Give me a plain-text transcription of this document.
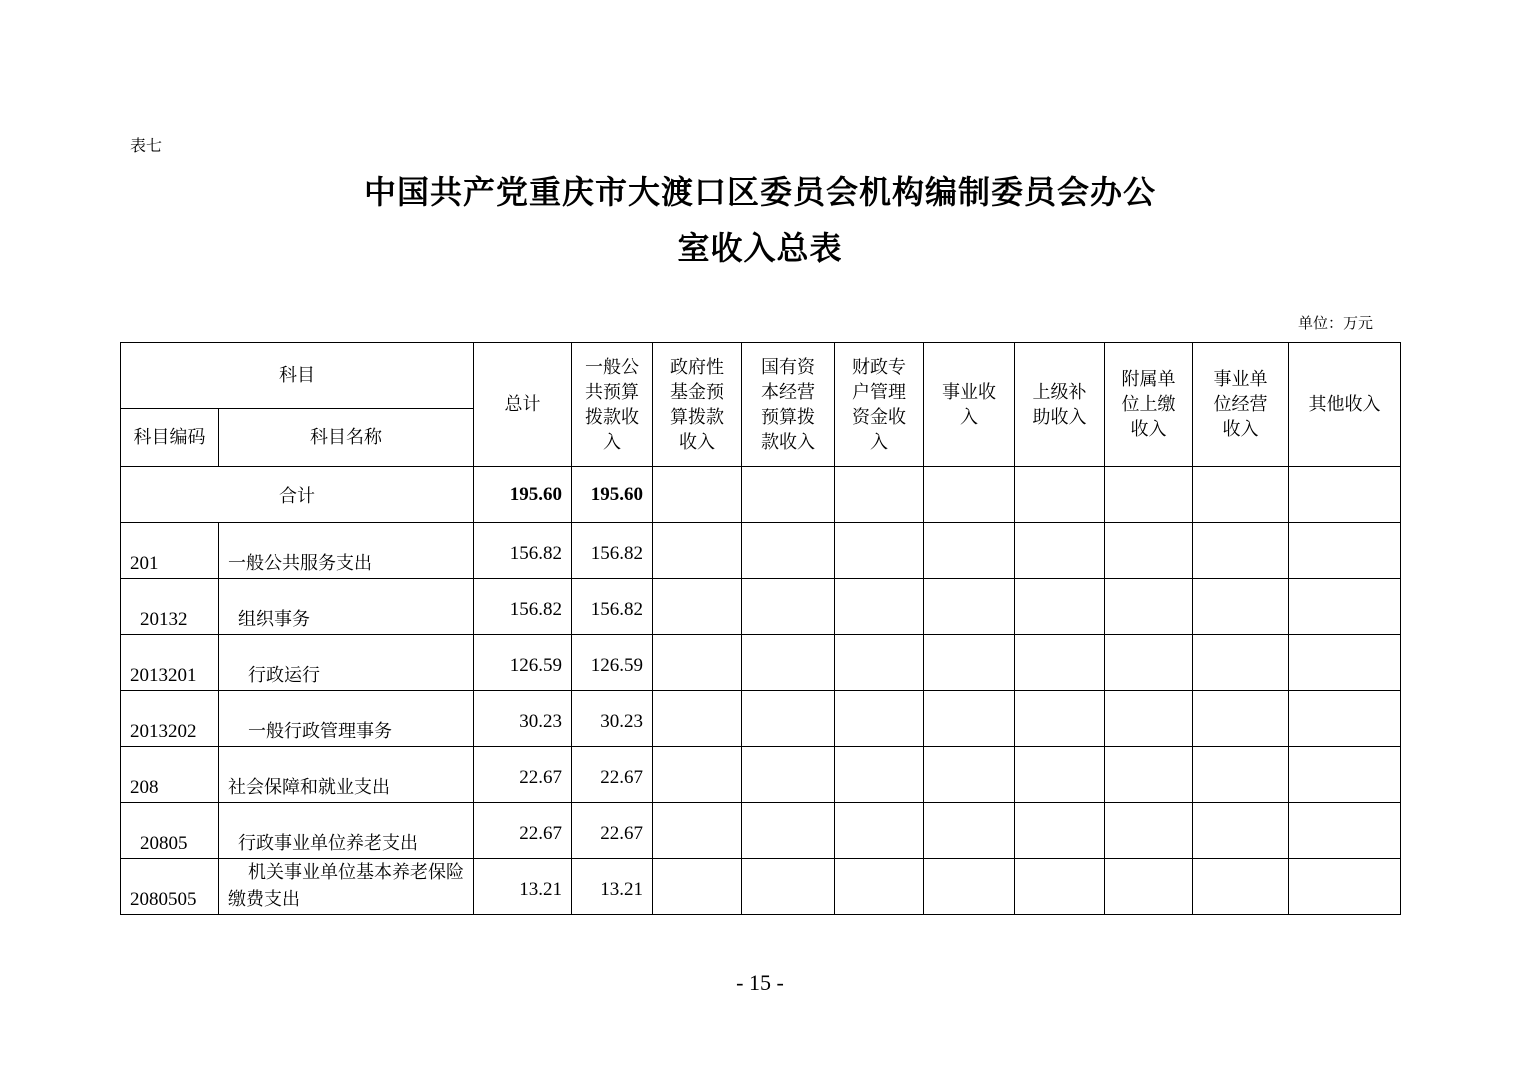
表七
中国共产党重庆市大渡口区委员会机构编制委员会办公
室收入总表
单位：万元
科目		总计	一般公共预算拨款收入	政府性基金预算拨款收入	国有资本经营预算拨款收入	财政专户管理资金收入	事业收入	上级补助收入	附属单位上缴收入	事业单位经营收入	其他收入
科目编码	科目名称										
合计		195.60	195.60								
201	一般公共服务支出	156.82	156.82								
20132	组织事务	156.82	156.82								
2013201	行政运行	126.59	126.59								
2013202	一般行政管理事务	30.23	30.23								
208	社会保障和就业支出	22.67	22.67								
20805	行政事业单位养老支出	22.67	22.67								
2080505	机关事业单位基本养老保险缴费支出	13.21	13.21								
- 15 -
